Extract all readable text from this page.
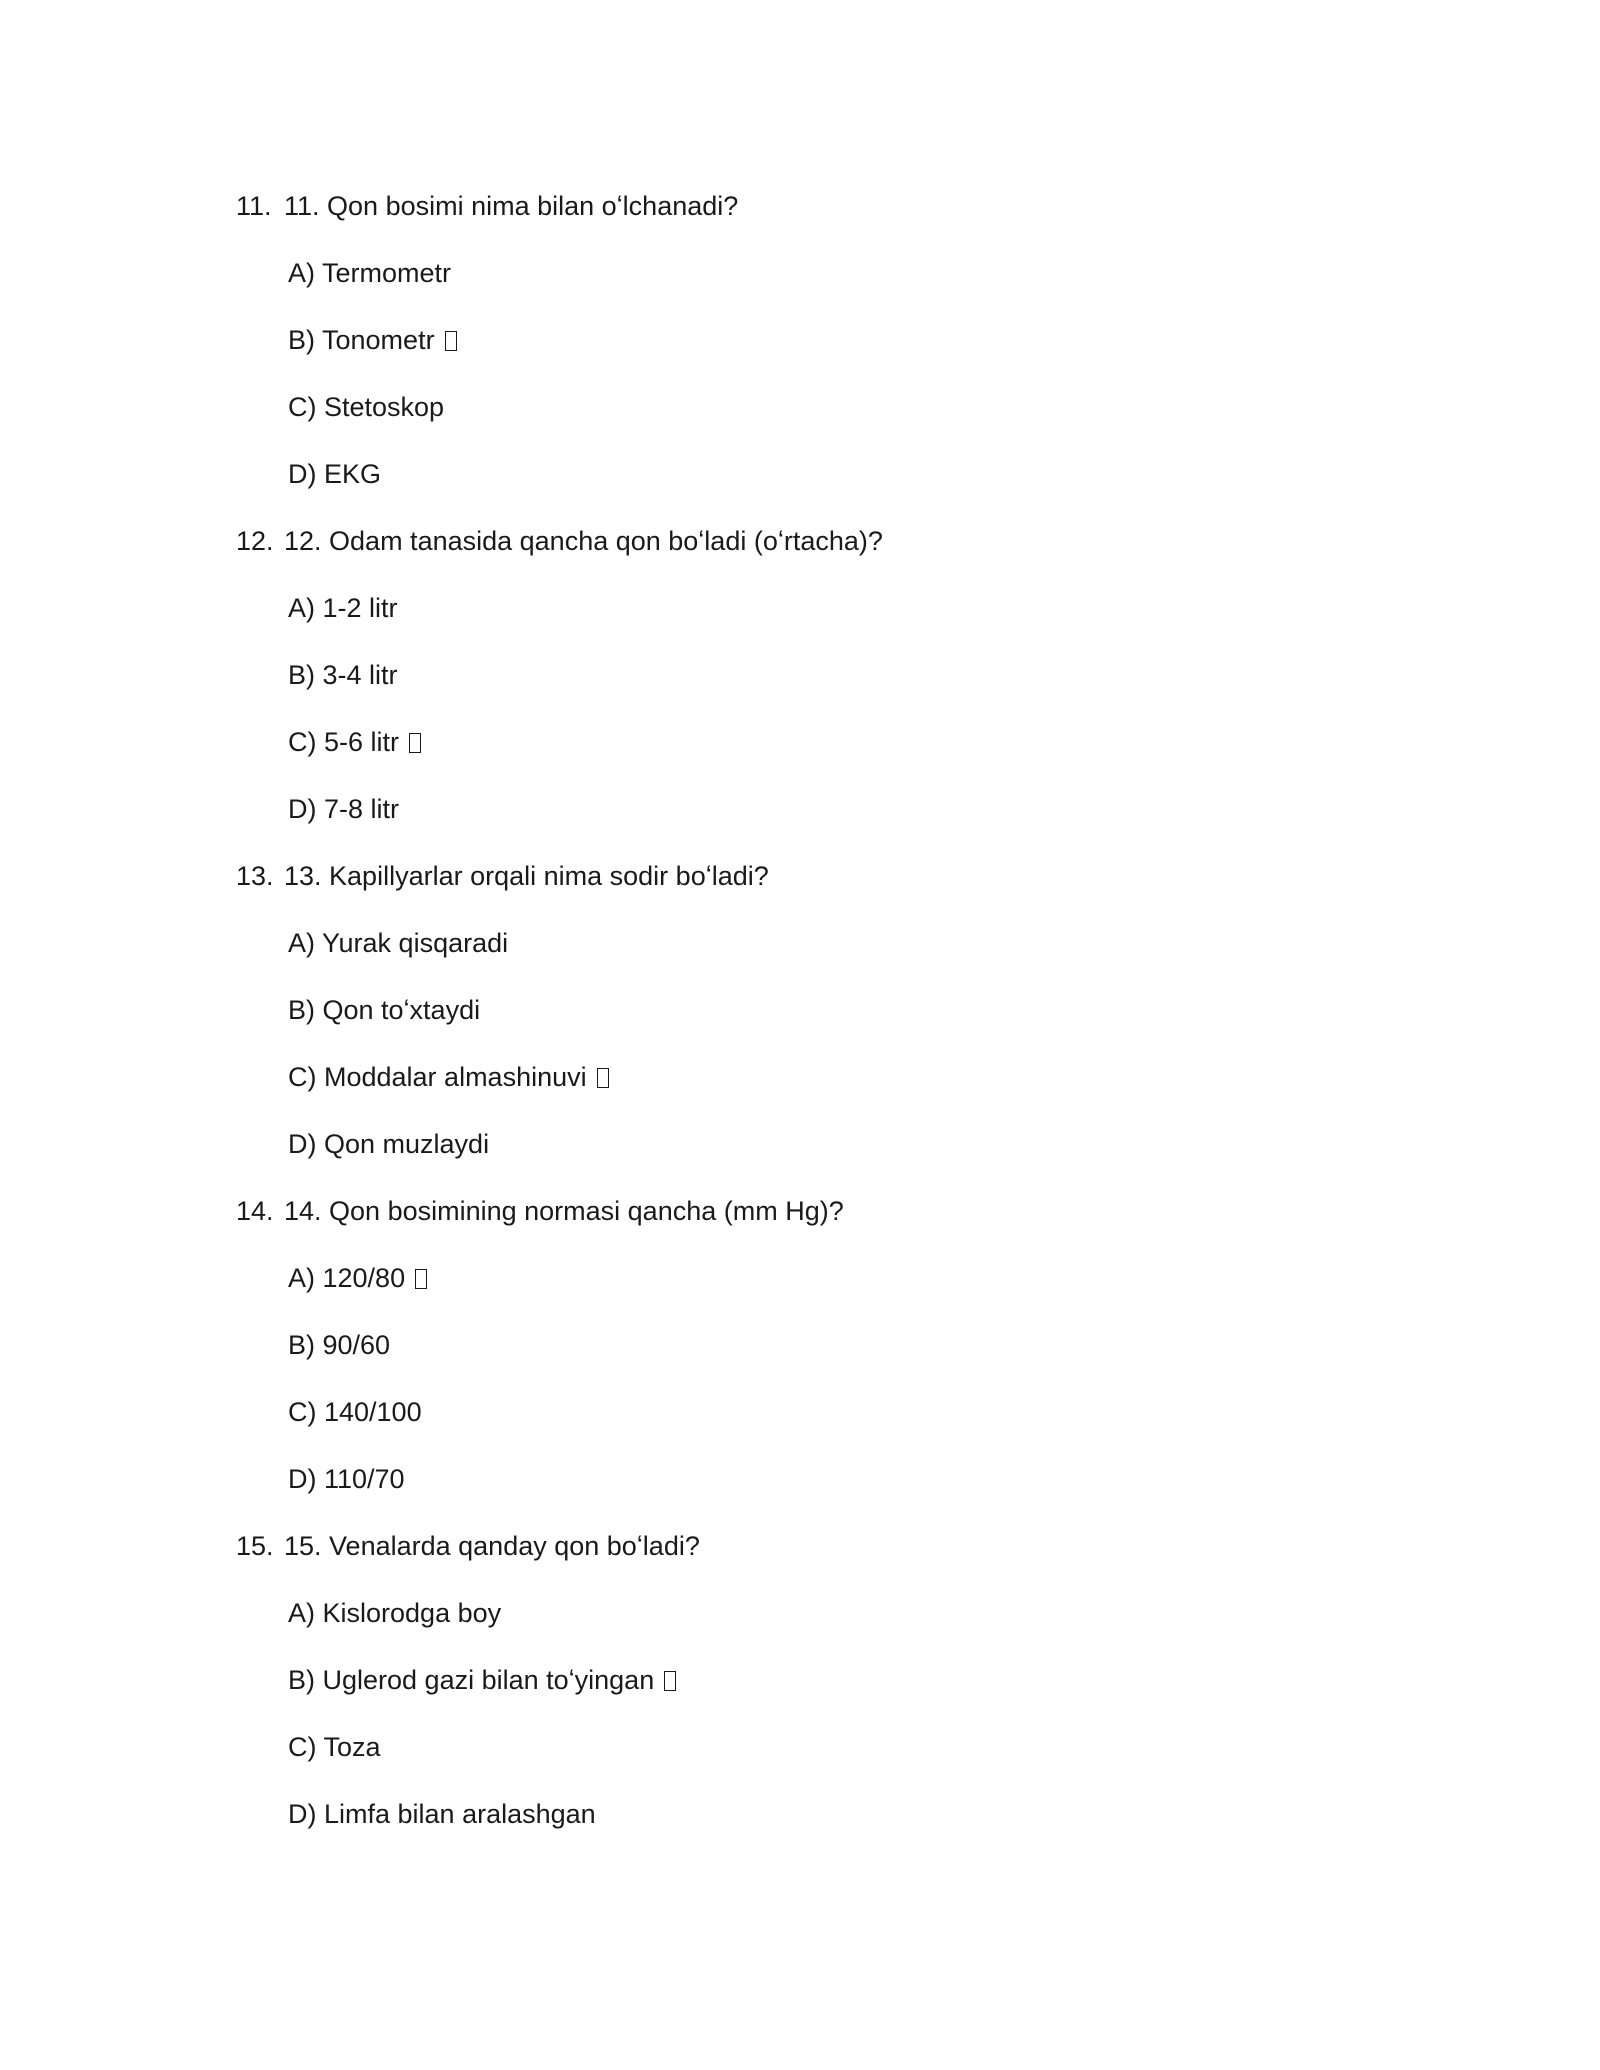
11. 11. Qon bosimi nima bilan oʻlchanadi?
A) Termometr
B) Tonometr
C) Stetoskop
D) EKG
12. 12. Odam tanasida qancha qon boʻladi (oʻrtacha)?
A) 1-2 litr
B) 3-4 litr
C) 5-6 litr
D) 7-8 litr
13. 13. Kapillyarlar orqali nima sodir boʻladi?
A) Yurak qisqaradi
B) Qon toʻxtaydi
C) Moddalar almashinuvi
D) Qon muzlaydi
14. 14. Qon bosimining normasi qancha (mm Hg)?
A) 120/80
B) 90/60
C) 140/100
D) 110/70
15. 15. Venalarda qanday qon boʻladi?
A) Kislorodga boy
B) Uglerod gazi bilan toʻyingan
C) Toza
D) Limfa bilan aralashgan
